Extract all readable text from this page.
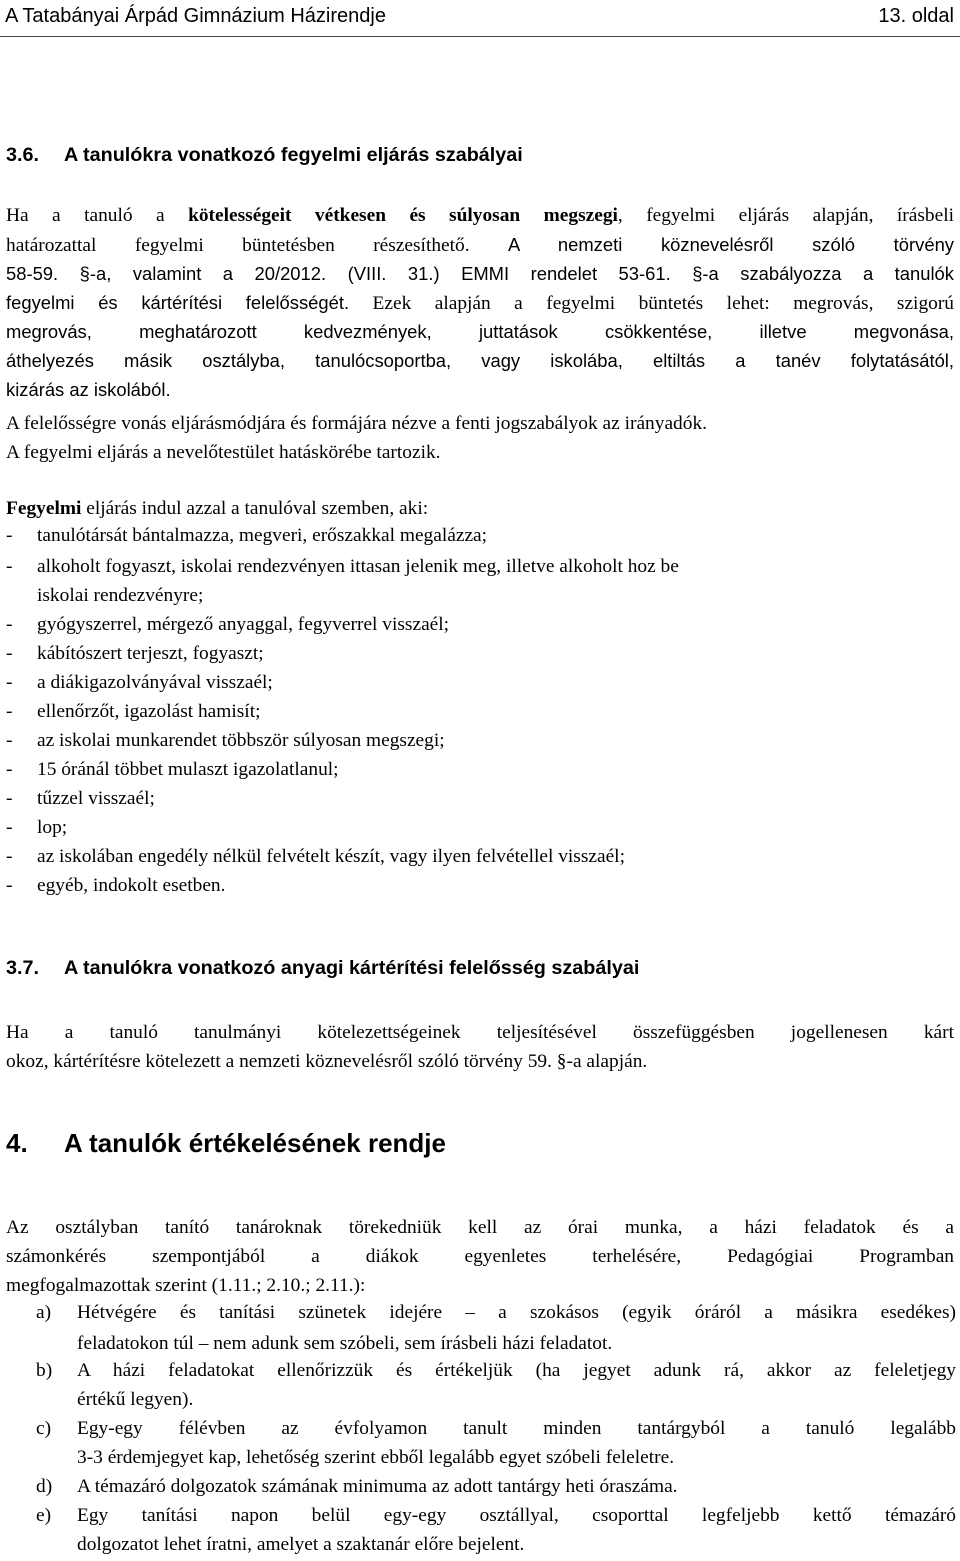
A Tatabányai Árpád Gimnázium Házirendje	13. oldal
3.6. A tanulókra vonatkozó fegyelmi eljárás szabályai
Ha a tanuló a kötelességeit vétkesen és súlyosan megszegi, fegyelmi eljárás alapján, írásbeli
határozattal fegyelmi büntetésben részesíthető. A nemzeti köznevelésről szóló törvény
58-59. §-a, valamint a 20/2012. (VIII. 31.) EMMI rendelet 53-61. §-a szabályozza a tanulók
fegyelmi és kártérítési felelősségét. Ezek alapján a fegyelmi büntetés lehet: megrovás, szigorú
megrovás, meghatározott kedvezmények, juttatások csökkentése, illetve megvonása,
áthelyezés másik osztályba, tanulócsoportba, vagy iskolába, eltiltás a tanév folytatásától,
kizárás az iskolából.
A felelősségre vonás eljárásmódjára és formájára nézve a fenti jogszabályok az irányadók.
A fegyelmi eljárás a nevelőtestület hatáskörébe tartozik.
Fegyelmi eljárás indul azzal a tanulóval szemben, aki:
- tanulótársát bántalmazza, megveri, erőszakkal megalázza;
- alkoholt fogyaszt, iskolai rendezvényen ittasan jelenik meg, illetve alkoholt hoz be
iskolai rendezvényre;
- gyógyszerrel, mérgező anyaggal, fegyverrel visszaél;
- kábítószert terjeszt, fogyaszt;
- a diákigazolványával visszaél;
- ellenőrzőt, igazolást hamisít;
- az iskolai munkarendet többször súlyosan megszegi;
- 15 óránál többet mulaszt igazolatlanul;
- tűzzel visszaél;
- lop;
- az iskolában engedély nélkül felvételt készít, vagy ilyen felvétellel visszaél;
- egyéb, indokolt esetben.
3.7. A tanulókra vonatkozó anyagi kártérítési felelősség szabályai
Ha a tanuló tanulmányi kötelezettségeinek teljesítésével összefüggésben jogellenesen kárt
okoz, kártérítésre kötelezett a nemzeti köznevelésről szóló törvény 59. §-a alapján.
4. A tanulók értékelésének rendje
Az osztályban tanító tanároknak törekedniük kell az órai munka, a házi feladatok és a
számonkérés szempontjából a diákok egyenletes terhelésére, Pedagógiai Programban
megfogalmazottak szerint (1.11.; 2.10.; 2.11.):
a) Hétvégére és tanítási szünetek idejére – a szokásos (egyik óráról a másikra esedékes)
feladatokon túl – nem adunk sem szóbeli, sem írásbeli házi feladatot.
b) A házi feladatokat ellenőrizzük és értékeljük (ha jegyet adunk rá, akkor az feleletjegy
értékű legyen).
c) Egy-egy félévben az évfolyamon tanult minden tantárgyból a tanuló legalább
3-3 érdemjegyet kap, lehetőség szerint ebből legalább egyet szóbeli feleletre.
d) A témazáró dolgozatok számának minimuma az adott tantárgy heti óraszáma.
e) Egy tanítási napon belül egy-egy osztállyal, csoporttal legfeljebb kettő témazáró
dolgozatot lehet íratni, amelyet a szaktanár előre bejelent.
